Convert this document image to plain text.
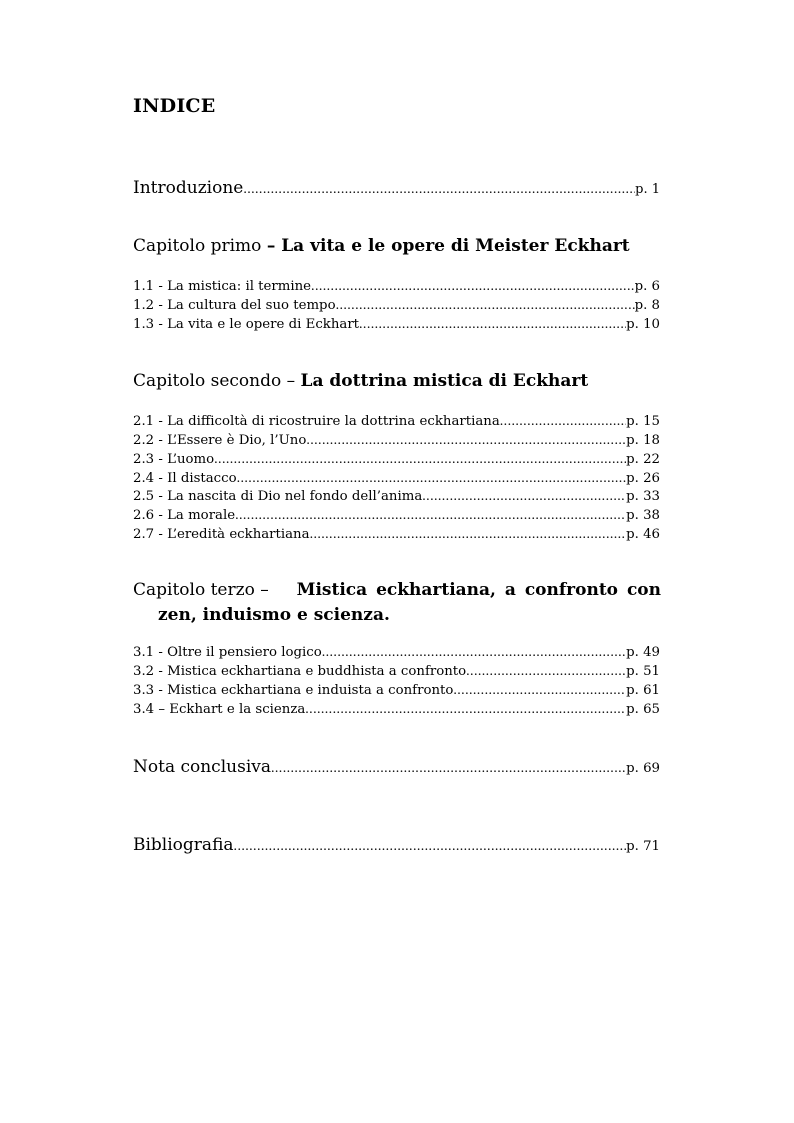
INDICE
Introduzione .....	p. 1
Capitolo primo – La vita e le opere di Meister Eckhart
1.1 - La mistica: il termine .....	p. 6
1.2 - La cultura del suo tempo .....	p. 8
1.3 - La vita e le opere di Eckhart .....	p. 10
Capitolo secondo – La dottrina mistica di Eckhart
2.1 - La difficoltà di ricostruire la dottrina eckhartiana .....	p. 15
2.2 - L’Essere è Dio, l’Uno .....	p. 18
2.3 - L’uomo .....	p. 22
2.4 - Il distacco .....	p. 26
2.5 - La nascita di Dio nel fondo dell’anima .....	p. 33
2.6 - La morale .....	p. 38
2.7 - L’eredità eckhartiana .....	p. 46
Capitolo terzo – Mistica eckhartiana, a confronto con
zen, induismo e scienza.
3.1 - Oltre il pensiero logico .....	p. 49
3.2 - Mistica eckhartiana e buddhista a confronto .....	p. 51
3.3 - Mistica eckhartiana e induista a confronto .....	p. 61
3.4 – Eckhart e la scienza .....	p. 65
Nota conclusiva .....	p. 69
Bibliografia .....	p. 71
